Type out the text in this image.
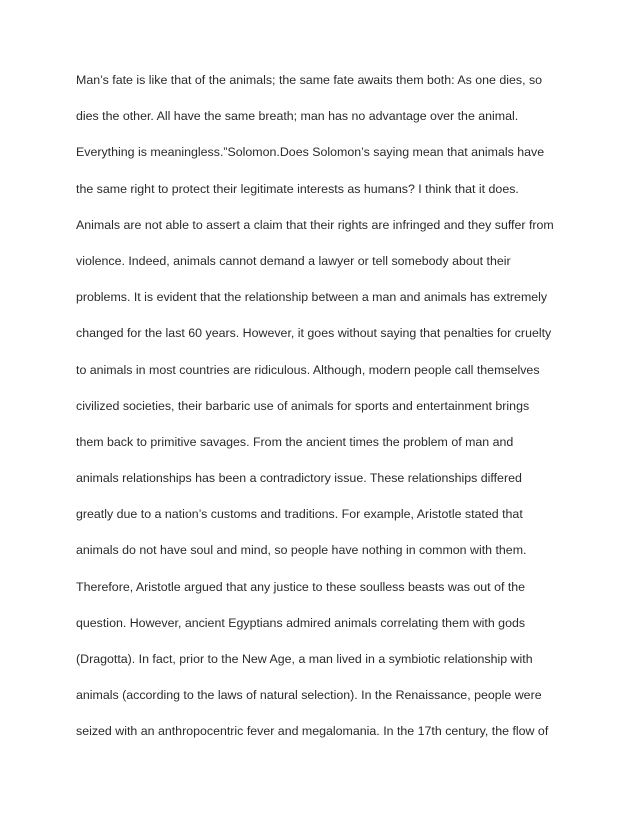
Man’s fate is like that of the animals; the same fate awaits them both: As one dies, so
dies the other. All have the same breath; man has no advantage over the animal.
Everything is meaningless.”Solomon.Does Solomon’s saying mean that animals have
the same right to protect their legitimate interests as humans? I think that it does.
Animals are not able to assert a claim that their rights are infringed and they suffer from
violence. Indeed, animals cannot demand a lawyer or tell somebody about their
problems. It is evident that the relationship between a man and animals has extremely
changed for the last 60 years. However, it goes without saying that penalties for cruelty
to animals in most countries are ridiculous. Although, modern people call themselves
civilized societies, their barbaric use of animals for sports and entertainment brings
them back to primitive savages. From the ancient times the problem of man and
animals relationships has been a contradictory issue. These relationships differed
greatly due to a nation’s customs and traditions. For example, Aristotle stated that
animals do not have soul and mind, so people have nothing in common with them.
Therefore, Aristotle argued that any justice to these soulless beasts was out of the
question. However, ancient Egyptians admired animals correlating them with gods
(Dragotta). In fact, prior to the New Age, a man lived in a symbiotic relationship with
animals (according to the laws of natural selection). In the Renaissance, people were
seized with an anthropocentric fever and megalomania. In the 17th century, the flow of
